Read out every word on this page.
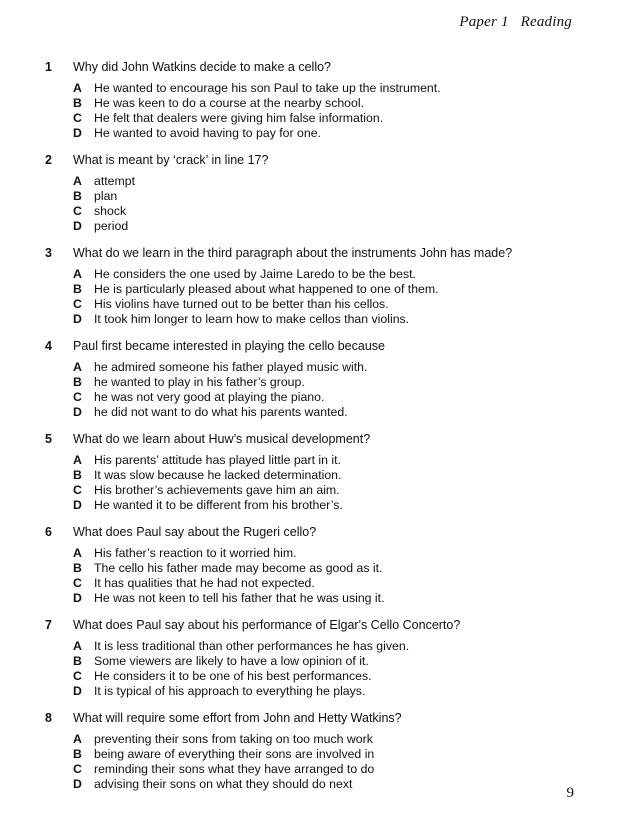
Paper 1 Reading
1 Why did John Watkins decide to make a cello?
A He wanted to encourage his son Paul to take up the instrument.
B He was keen to do a course at the nearby school.
C He felt that dealers were giving him false information.
D He wanted to avoid having to pay for one.
2 What is meant by ‘crack’ in line 17?
A attempt
B plan
C shock
D period
3 What do we learn in the third paragraph about the instruments John has made?
A He considers the one used by Jaime Laredo to be the best.
B He is particularly pleased about what happened to one of them.
C His violins have turned out to be better than his cellos.
D It took him longer to learn how to make cellos than violins.
4 Paul first became interested in playing the cello because
A he admired someone his father played music with.
B he wanted to play in his father’s group.
C he was not very good at playing the piano.
D he did not want to do what his parents wanted.
5 What do we learn about Huw’s musical development?
A His parents’ attitude has played little part in it.
B It was slow because he lacked determination.
C His brother’s achievements gave him an aim.
D He wanted it to be different from his brother’s.
6 What does Paul say about the Rugeri cello?
A His father’s reaction to it worried him.
B The cello his father made may become as good as it.
C It has qualities that he had not expected.
D He was not keen to tell his father that he was using it.
7 What does Paul say about his performance of Elgar's Cello Concerto?
A It is less traditional than other performances he has given.
B Some viewers are likely to have a low opinion of it.
C He considers it to be one of his best performances.
D It is typical of his approach to everything he plays.
8 What will require some effort from John and Hetty Watkins?
A preventing their sons from taking on too much work
B being aware of everything their sons are involved in
C reminding their sons what they have arranged to do
D advising their sons on what they should do next
9
